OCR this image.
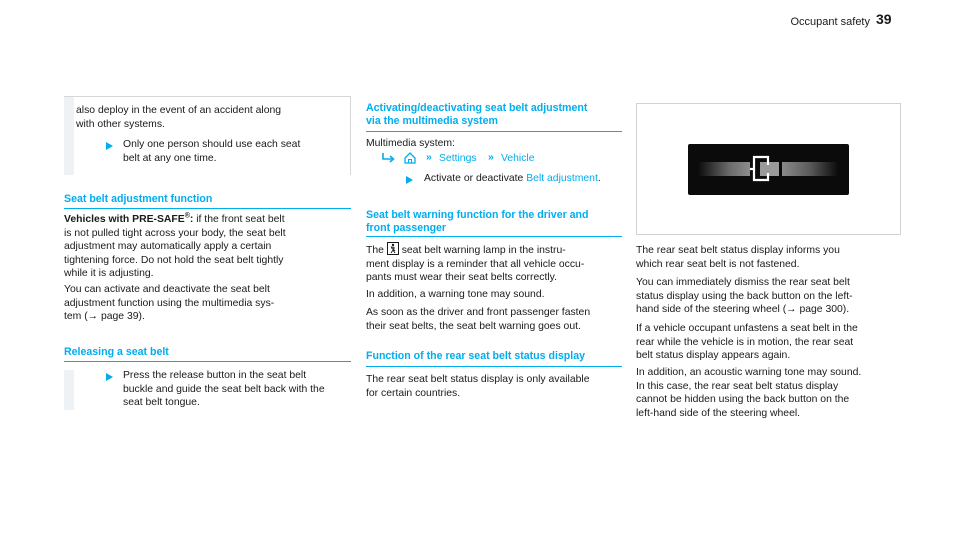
Occupant safety 39
also deploy in the event of an accident along
with other systems.
Only one person should use each seat
belt at any one time.
Seat belt adjustment function
Vehicles with PRE-SAFE®: if the front seat belt
is not pulled tight across your body, the seat belt
adjustment may automatically apply a certain
tightening force. Do not hold the seat belt tightly
while it is adjusting.
You can activate and deactivate the seat belt
adjustment function using the multimedia sys-
tem (→ page 39).
Releasing a seat belt
Press the release button in the seat belt
buckle and guide the seat belt back with the
seat belt tongue.
Activating/deactivating seat belt adjustment
via the multimedia system
Multimedia system:
» Settings » Vehicle
Activate or deactivate Belt adjustment.
Seat belt warning function for the driver and
front passenger
The seat belt warning lamp in the instru-
ment display is a reminder that all vehicle occu-
pants must wear their seat belts correctly.
In addition, a warning tone may sound.
As soon as the driver and front passenger fasten
their seat belts, the seat belt warning goes out.
Function of the rear seat belt status display
The rear seat belt status display is only available
for certain countries.
The rear seat belt status display informs you
which rear seat belt is not fastened.
You can immediately dismiss the rear seat belt
status display using the back button on the left-
hand side of the steering wheel (→ page 300).
If a vehicle occupant unfastens a seat belt in the
rear while the vehicle is in motion, the rear seat
belt status display appears again.
In addition, an acoustic warning tone may sound.
In this case, the rear seat belt status display
cannot be hidden using the back button on the
left-hand side of the steering wheel.
